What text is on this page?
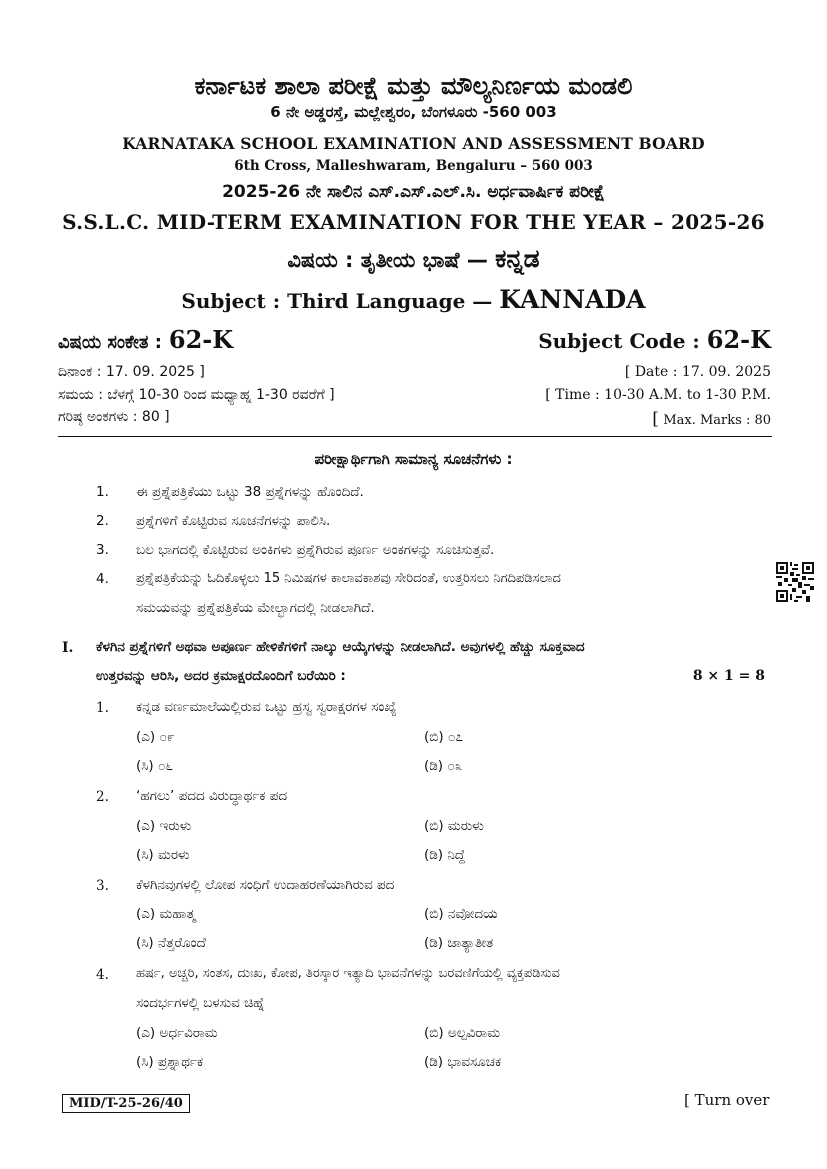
ಕರ್ನಾಟಕ ಶಾಲಾ ಪರೀಕ್ಷೆ ಮತ್ತು ಮೌಲ್ಯನಿರ್ಣಯ ಮಂಡಲಿ
6 ನೇ ಅಡ್ಡರಸ್ತೆ, ಮಲ್ಲೇಶ್ವರಂ, ಬೆಂಗಳೂರು -560 003
KARNATAKA SCHOOL EXAMINATION AND ASSESSMENT BOARD
6th Cross, Malleshwaram, Bengaluru – 560 003
2025-26 ನೇ ಸಾಲಿನ ಎಸ್.ಎಸ್.ಎಲ್.ಸಿ. ಅರ್ಧವಾರ್ಷಿಕ ಪರೀಕ್ಷೆ
S.S.L.C. MID-TERM EXAMINATION FOR THE YEAR – 2025-26
ವಿಷಯ : ತೃತೀಯ ಭಾಷೆ — ಕನ್ನಡ
Subject : Third Language — KANNADA
ವಿಷಯ ಸಂಕೇತ : 62-K	Subject Code : 62-K
ದಿನಾಂಕ : 17. 09. 2025 ]	[ Date : 17. 09. 2025
ಸಮಯ : ಬೆಳಗ್ಗೆ 10-30 ರಿಂದ ಮಧ್ಯಾಹ್ನ 1-30 ರವರೆಗೆ ]	[ Time : 10-30 A.M. to 1-30 P.M.
ಗರಿಷ್ಠ ಅಂಕಗಳು : 80 ]	[ Max. Marks : 80
ಪರೀಕ್ಷಾರ್ಥಿಗಾಗಿ ಸಾಮಾನ್ಯ ಸೂಚನೆಗಳು :
1. ಈ ಪ್ರಶ್ನೆಪತ್ರಿಕೆಯು ಒಟ್ಟು 38 ಪ್ರಶ್ನೆಗಳನ್ನು ಹೊಂದಿದೆ.
2. ಪ್ರಶ್ನೆಗಳಿಗೆ ಕೊಟ್ಟಿರುವ ಸೂಚನೆಗಳನ್ನು ಪಾಲಿಸಿ.
3. ಬಲ ಭಾಗದಲ್ಲಿ ಕೊಟ್ಟಿರುವ ಅಂಕಿಗಳು ಪ್ರಶ್ನೆಗಿರುವ ಪೂರ್ಣ ಅಂಕಗಳನ್ನು ಸೂಚಿಸುತ್ತವೆ.
4. ಪ್ರಶ್ನೆಪತ್ರಿಕೆಯನ್ನು ಓದಿಕೊಳ್ಳಲು 15 ನಿಮಿಷಗಳ ಕಾಲಾವಕಾಶವು ಸೇರಿದಂತೆ, ಉತ್ತರಿಸಲು ನಿಗದಿಪಡಿಸಲಾದ
ಸಮಯವನ್ನು ಪ್ರಶ್ನೆಪತ್ರಿಕೆಯ ಮೇಲ್ಭಾಗದಲ್ಲಿ ನೀಡಲಾಗಿದೆ.
I. ಕೆಳಗಿನ ಪ್ರಶ್ನೆಗಳಿಗೆ ಅಥವಾ ಅಪೂರ್ಣ ಹೇಳಿಕೆಗಳಿಗೆ ನಾಲ್ಕು ಆಯ್ಕೆಗಳನ್ನು ನೀಡಲಾಗಿದೆ. ಅವುಗಳಲ್ಲಿ ಹೆಚ್ಚು ಸೂಕ್ತವಾದ
ಉತ್ತರವನ್ನು ಆರಿಸಿ, ಅದರ ಕ್ರಮಾಕ್ಷರದೊಂದಿಗೆ ಬರೆಯಿರಿ :	8 × 1 = 8
1. ಕನ್ನಡ ವರ್ಣಮಾಲೆಯಲ್ಲಿರುವ ಒಟ್ಟು ಹ್ರಸ್ವ ಸ್ವರಾಕ್ಷರಗಳ ಸಂಖ್ಯೆ
(ಎ) ೦೯	(ಬಿ) ೦೭
(ಸಿ) ೦೬	(ಡಿ) ೦೩
2. ‘ಹಗಲು’ ಪದದ ವಿರುದ್ಧಾರ್ಥಕ ಪದ
(ಎ) ಇರುಳು	(ಬಿ) ಮರುಳು
(ಸಿ) ಮರಳು	(ಡಿ) ನಿದ್ದೆ
3. ಕೆಳಗಿನವುಗಳಲ್ಲಿ ಲೋಪ ಸಂಧಿಗೆ ಉದಾಹರಣೆಯಾಗಿರುವ ಪದ
(ಎ) ಮಹಾತ್ಮ	(ಬಿ) ನವೋದಯ
(ಸಿ) ನೆತ್ತರೊಂದೆ	(ಡಿ) ಜಾತ್ಯಾತೀತ
4. ಹರ್ಷ, ಅಚ್ಚರಿ, ಸಂತಸ, ದುಃಖ, ಕೋಪ, ತಿರಸ್ಕಾರ ಇತ್ಯಾದಿ ಭಾವನೆಗಳನ್ನು ಬರವಣಿಗೆಯಲ್ಲಿ ವ್ಯಕ್ತಪಡಿಸುವ
ಸಂದರ್ಭಗಳಲ್ಲಿ ಬಳಸುವ ಚಿಹ್ನೆ
(ಎ) ಅರ್ಧವಿರಾಮ	(ಬಿ) ಅಲ್ಪವಿರಾಮ
(ಸಿ) ಪ್ರಶ್ನಾರ್ಥಕ	(ಡಿ) ಭಾವಸೂಚಕ
MID/T-25-26/40	[ Turn over
